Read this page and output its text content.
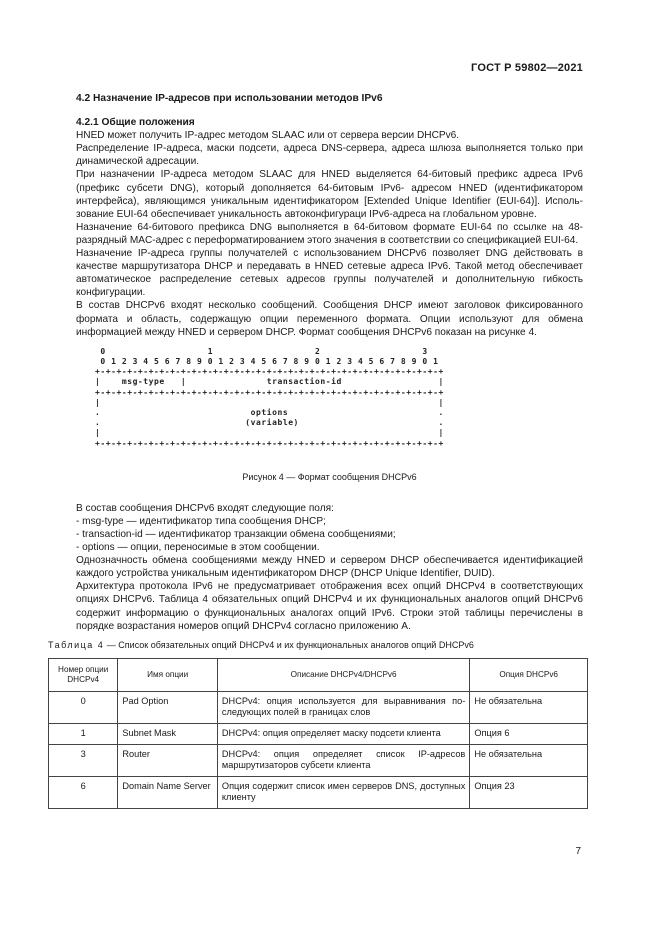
ГОСТ Р 59802—2021
4.2 Назначение IP-адресов при использовании методов IPv6
4.2.1 Общие положения

HNED может получить IP-адрес методом SLAAC или от сервера версии DHCPv6.

Распределение IP-адреса, маски подсети, адреса DNS-сервера, адреса шлюза выполняется только при динамической адресации.

При назначении IP-адреса методом SLAAC для HNED выделяется 64-битовый префикс адреса IPv6 (префикс субсети DNG), который дополняется 64-битовым IPv6- адресом HNED (идентификатором интерфейса), являющимся уникальным идентификатором [Extended Unique Identifier (EUI-64)]. Использование EUI-64 обеспечивает уникальность автоконфигураци IPv6-адреса на глобальном уровне.

Назначение 64-битового префикса DNG выполняется в 64-битовом формате EUI-64 по ссылке на 48-разрядный MAC-адрес с переформатированием этого значения в соответствии со спецификацией EUI-64.

Назначение IP-адреса группы получателей с использованием DHCPv6 позволяет DNG действовать в качестве маршрутизатора DHCP и передавать в HNED сетевые адреса IPv6. Такой метод обеспечивает автоматическое распределение сетевых адресов группы получателей и дополнительную гибкость конфигурации.

В состав DHCPv6 входят несколько сообщений. Сообщения DHCP имеют заголовок фиксированного формата и область, содержащую опции переменного формата. Опции используют для обмена информацией между HNED и сервером DHCP. Формат сообщения DHCPv6 показан на рисунке 4.

0                   1                   2                   3
0 1 2 3 4 5 6 7 8 9 0 1 2 3 4 5 6 7 8 9 0 1 2 3 4 5 6 7 8 9 0 1
+-+-+-+-+-+-+-+-+-+-+-+-+-+-+-+-+-+-+-+-+-+-+-+-+-+-+-+-+-+-+-+-+
|    msg-type   |               transaction-id                  |
+-+-+-+-+-+-+-+-+-+-+-+-+-+-+-+-+-+-+-+-+-+-+-+-+-+-+-+-+-+-+-+-+
|                                                               |
.                            options                            .
.                           (variable)                          .
|                                                               |
+-+-+-+-+-+-+-+-+-+-+-+-+-+-+-+-+-+-+-+-+-+-+-+-+-+-+-+-+-+-+-+-+
Рисунок 4 — Формат сообщения DHCPv6

В состав сообщения DHCPv6 входят следующие поля:

- msg-type — идентификатор типа сообщения DHCP;

- transaction-id — идентификатор транзакции обмена сообщениями;

- options — опции, переносимые в этом сообщении.

Однозначность обмена сообщениями между HNED и сервером DHCP обеспечивается идентификацией каждого устройства уникальным идентификатором DHCP (DHCP Unique Identifier, DUID).

Архитектура протокола IPv6 не предусматривает отображения всех опций DHCPv4 в соответствующих опциях DHCPv6. Таблица 4 обязательных опций DHCPv4 и их функциональных аналогов опций DHCPv6 содержит информацию о функциональных аналогах опций IPv6. Строки этой таблицы перечислены в порядке возрастания номеров опций DHCPv4 согласно приложению А.

Таблица 4 — Список обязательных опций DHCPv4 и их функциональных аналогов опций DHCPv6
Номер опции DHCPv4	Имя опции	Описание DHCPv4/DHCPv6	Опция DHCPv6
0	Pad Option	DHCPv4: опция используется для выравнивания последующих полей в границах слов	Не обязательна
1	Subnet Mask	DHCPv4: опция определяет маску подсети клиента	Опция 6
3	Router	DHCPv4: опция определяет список IP-адресов маршрутизаторов субсети клиента	Не обязательна
6	Domain Name Server	Опция содержит список имен серверов DNS, доступных клиенту	Опция 23
7
